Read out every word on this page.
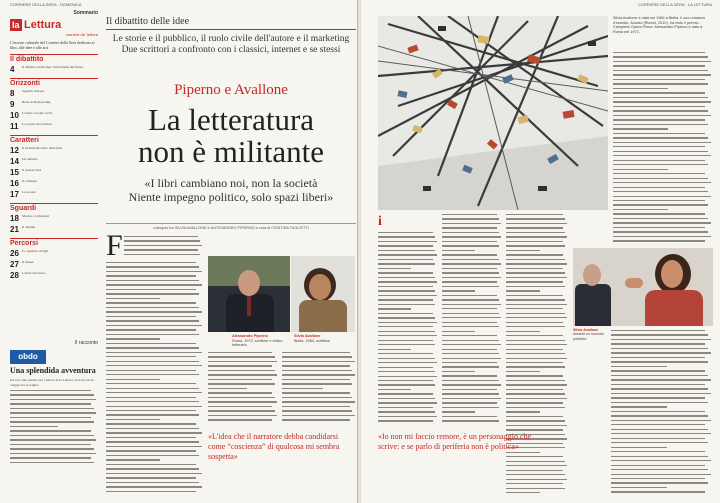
CORRIERE DELLA SERA · DOMENICA
Sommario
la Lettura
corriere de' lettura
L'inserto culturale del Corriere della Sera dedicato ai libri, alle idee e alle arti
Il dibattito
4	Il dibattito delle idee: Sul domani del futuro
Orizzonti
8	Sguardi obliqui
9	Bene in Dostoevskij
10 L'estate con gli occhi
11 La poesia dei festival
Caratteri
12 Il Grande Boccino delle idee
14 Un debutto
15 Il grande Sud
16 Il romanzo
17 Le poesie
Sguardi
18 Mostre e collezioni
21 Il cinema
Percorsi
26 Lo sguardo di figli
27 Il museo
28 L'anno del teatro
Il racconto
obdo
Una splendida avventura
Un racconto inedito per i lettori de la Lettura: la storia di un viaggio tra le pagine
Il dibattito delle idee
Le storie e il pubblico, il ruolo civile dell'autore e il marketing
Due scrittori a confronto con i classici, internet e se stessi
Piperno e Avallone
La letteratura
non è militante
«I libri cambiano noi, non la società
Niente impegno politico, solo spazi liberi»
colloquio tra SILVIA AVALLONE e ALESSANDRO PIPERNO a cura di CRISTINA TAGLIETTI
F
Alessandro Piperno
Roma, 1972, scrittore e critico letterario
Silvia Avallone
Biella, 1984, scrittrice
«L'idea che il narratore debba candidarsi come “coscienza” di qualcosa mi sembra sospetta»
CORRIERE DELLA SERA · LA LETTURA
Silvia Avallone è nata nel 1984 a Biella. Il suo romanzo d'esordio, Acciaio (Rizzoli, 2010), ha vinto il premio Campiello Opera Prima. Alessandro Piperno è nato a Roma nel 1972.
i
Silvia Avallone
durante un incontro pubblico
«Io non mi faccio remore, è un personaggio che scrive: e se parlo di periferia non è politica»
